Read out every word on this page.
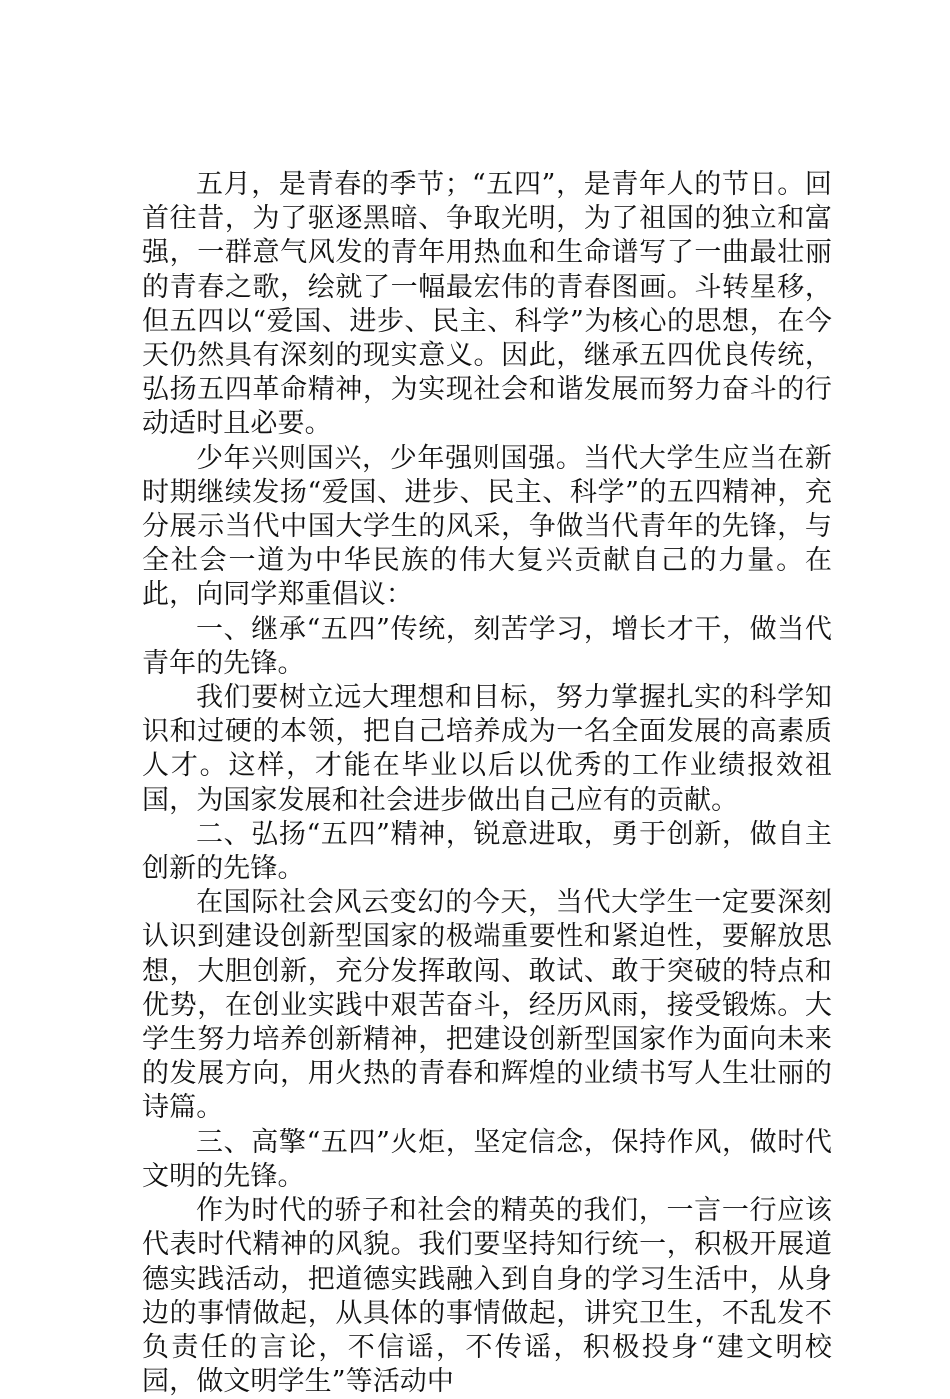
五月，是青春的季节；“五四”，是青年人的节日。回首往昔，为了驱逐黑暗、争取光明，为了祖国的独立和富强，一群意气风发的青年用热血和生命谱写了一曲最壮丽的青春之歌，绘就了一幅最宏伟的青春图画。斗转星移，但五四以“爱国、进步、民主、科学”为核心的思想，在今天仍然具有深刻的现实意义。因此，继承五四优良传统，弘扬五四革命精神，为实现社会和谐发展而努力奋斗的行动适时且必要。

少年兴则国兴，少年强则国强。当代大学生应当在新时期继续发扬“爱国、进步、民主、科学”的五四精神，充分展示当代中国大学生的风采，争做当代青年的先锋，与全社会一道为中华民族的伟大复兴贡献自己的力量。在此，向同学郑重倡议：

一、继承“五四”传统，刻苦学习，增长才干，做当代青年的先锋。

我们要树立远大理想和目标，努力掌握扎实的科学知识和过硬的本领，把自己培养成为一名全面发展的高素质人才。这样，才能在毕业以后以优秀的工作业绩报效祖国，为国家发展和社会进步做出自己应有的贡献。

二、弘扬“五四”精神，锐意进取，勇于创新，做自主创新的先锋。

在国际社会风云变幻的今天，当代大学生一定要深刻认识到建设创新型国家的极端重要性和紧迫性，要解放思想，大胆创新，充分发挥敢闯、敢试、敢于突破的特点和优势，在创业实践中艰苦奋斗，经历风雨，接受锻炼。大学生努力培养创新精神，把建设创新型国家作为面向未来的发展方向，用火热的青春和辉煌的业绩书写人生壮丽的诗篇。

三、高擎“五四”火炬，坚定信念，保持作风，做时代文明的先锋。

作为时代的骄子和社会的精英的我们，一言一行应该代表时代精神的风貌。我们要坚持知行统一，积极开展道德实践活动，把道德实践融入到自身的学习生活中，从身边的事情做起，从具体的事情做起，讲究卫生，不乱发不负责任的言论，不信谣，不传谣，积极投身“建文明校园，做文明学生”等活动中
